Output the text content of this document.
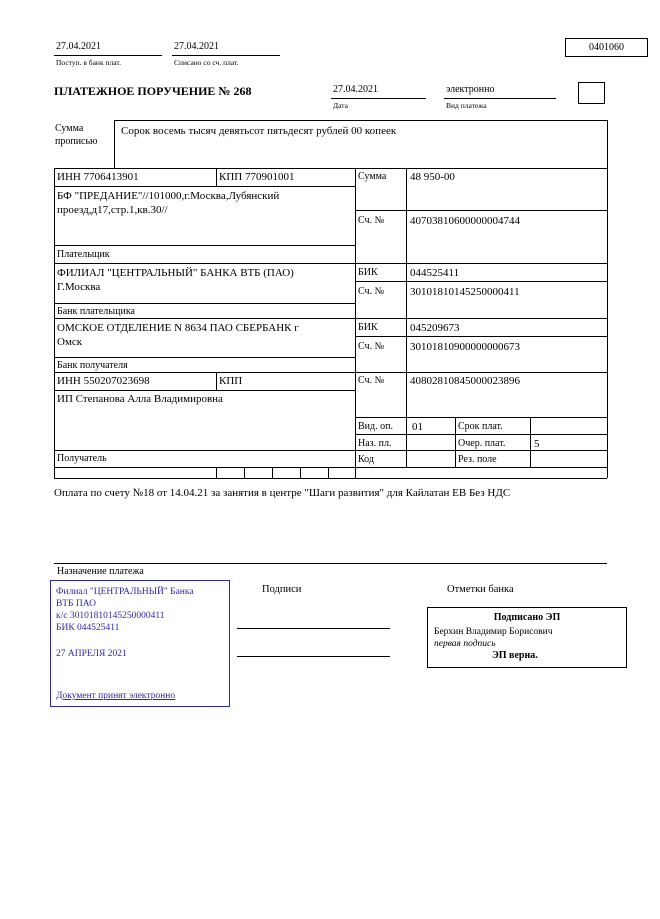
27.04.2021
Поступ. в банк плат.
27.04.2021
Списано со сч. плат.
0401060
ПЛАТЕЖНОЕ ПОРУЧЕНИЕ № 268	27.04.2021
Дата
электронно
Вид платежа
Сумма
прописью
Сорок восемь тысяч девятьсот пятьдесят рублей 00 копеек
ИНН 7706413901	КПП 770901001	Сумма 48 950-00
БФ "ПРЕДАНИЕ"//101000,г.Москва,Лубянский проезд,д17,стр.1,кв.30//
Сч. № 40703810600000004744
Плательщик
ФИЛИАЛ "ЦЕНТРАЛЬНЫЙ" БАНКА ВТБ (ПАО) Г.Москва
БИК	044525411
Сч. № 30101810145250000411
Банк плательщика
ОМСКОЕ ОТДЕЛЕНИЕ N 8634 ПАО СБЕРБАНК г Омск
БИК	045209673
Сч. № 30101810900000000673
Банк получателя
ИНН 550207023698	КПП	Сч. № 40802810845000023896
ИП Степанова Алла Владимировна
Вид. оп. 01	Срок плат.
Наз. пл.	Очер. плат.	5
Код	Рез. поле
Получатель
Оплата по счету №18 от 14.04.21 за занятия в центре "Шаги развития" для Кайлатан ЕВ Без НДС
Назначение платежа
Филиал "ЦЕНТРАЛЬНЫЙ" Банка
ВТБ ПАО
к/с 30101810145250000411
БИК 044525411
27 АПРЕЛЯ 2021
Документ принят электронно
Подписи	Отметки банка
Подписано ЭП
Берхин Владимир Борисович
первая подпись
ЭП верна.
